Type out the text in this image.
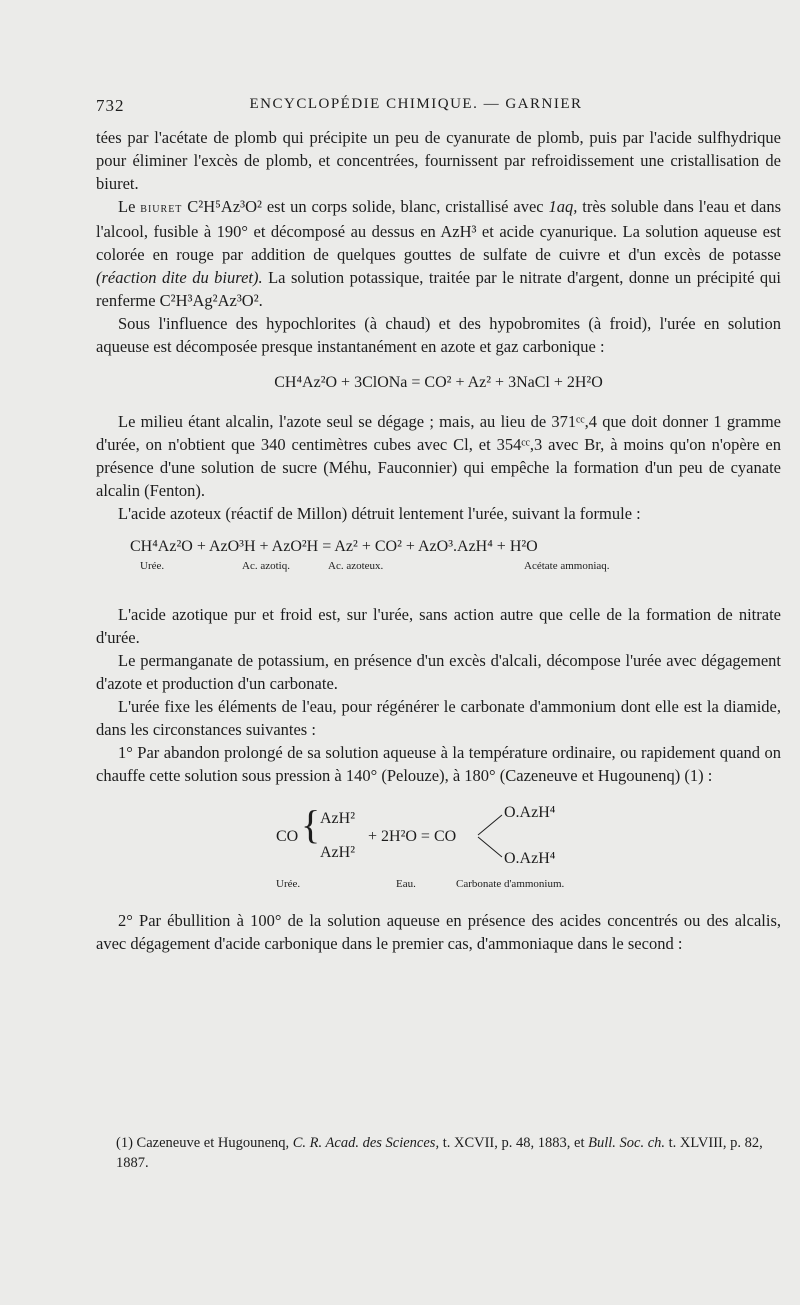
732	ENCYCLOPÉDIE CHIMIQUE. — GARNIER

tées par l'acétate de plomb qui précipite un peu de cyanurate de plomb, puis par l'acide sulfhydrique pour éliminer l'excès de plomb, et concentrées, fournissent par refroidissement une cristallisation de biuret.

Le biuret C²H⁵Az³O² est un corps solide, blanc, cristallisé avec 1aq, très soluble dans l'eau et dans l'alcool, fusible à 190° et décomposé au dessus en AzH³ et acide cyanurique. La solution aqueuse est colorée en rouge par addition de quelques gouttes de sulfate de cuivre et d'un excès de potasse (réaction dite du biuret). La solution potassique, traitée par le nitrate d'argent, donne un précipité qui renferme C²H³Ag²Az³O².

Sous l'influence des hypochlorites (à chaud) et des hypobromites (à froid), l'urée en solution aqueuse est décomposée presque instantanément en azote et gaz carbonique :

CH⁴Az²O + 3ClONa = CO² + Az² + 3NaCl + 2H²O

Le milieu étant alcalin, l'azote seul se dégage ; mais, au lieu de 371ᶜᶜ,4 que doit donner 1 gramme d'urée, on n'obtient que 340 centimètres cubes avec Cl, et 354ᶜᶜ,3 avec Br, à moins qu'on n'opère en présence d'une solution de sucre (Méhu, Fauconnier) qui empêche la formation d'un peu de cyanate alcalin (Fenton).

L'acide azoteux (réactif de Millon) détruit lentement l'urée, suivant la formule :

CH⁴Az²O + AzO³H + AzO²H = Az² + CO² + AzO³.AzH⁴ + H²O
Urée.	Ac. azotiq.	Ac. azoteux.	Acétate ammoniaq.

L'acide azotique pur et froid est, sur l'urée, sans action autre que celle de la formation de nitrate d'urée.

Le permanganate de potassium, en présence d'un excès d'alcali, décompose l'urée avec dégagement d'azote et production d'un carbonate.

L'urée fixe les éléments de l'eau, pour régénérer le carbonate d'ammonium dont elle est la diamide, dans les circonstances suivantes :

1° Par abandon prolongé de sa solution aqueuse à la température ordinaire, ou rapidement quand on chauffe cette solution sous pression à 140° (Pelouze), à 180° (Cazeneuve et Hugounenq) (1) :

CO { AzH²
AzH²
+ 2H²O = CO
O.AzH⁴
O.AzH⁴
Urée.	Eau.	Carbonate d'ammonium.

2° Par ébullition à 100° de la solution aqueuse en présence des acides concentrés ou des alcalis, avec dégagement d'acide carbonique dans le premier cas, d'ammoniaque dans le second :

(1) Cazeneuve et Hugounenq, C. R. Acad. des Sciences, t. XCVII, p. 48, 1883, et Bull. Soc. ch. t. XLVIII, p. 82, 1887.
